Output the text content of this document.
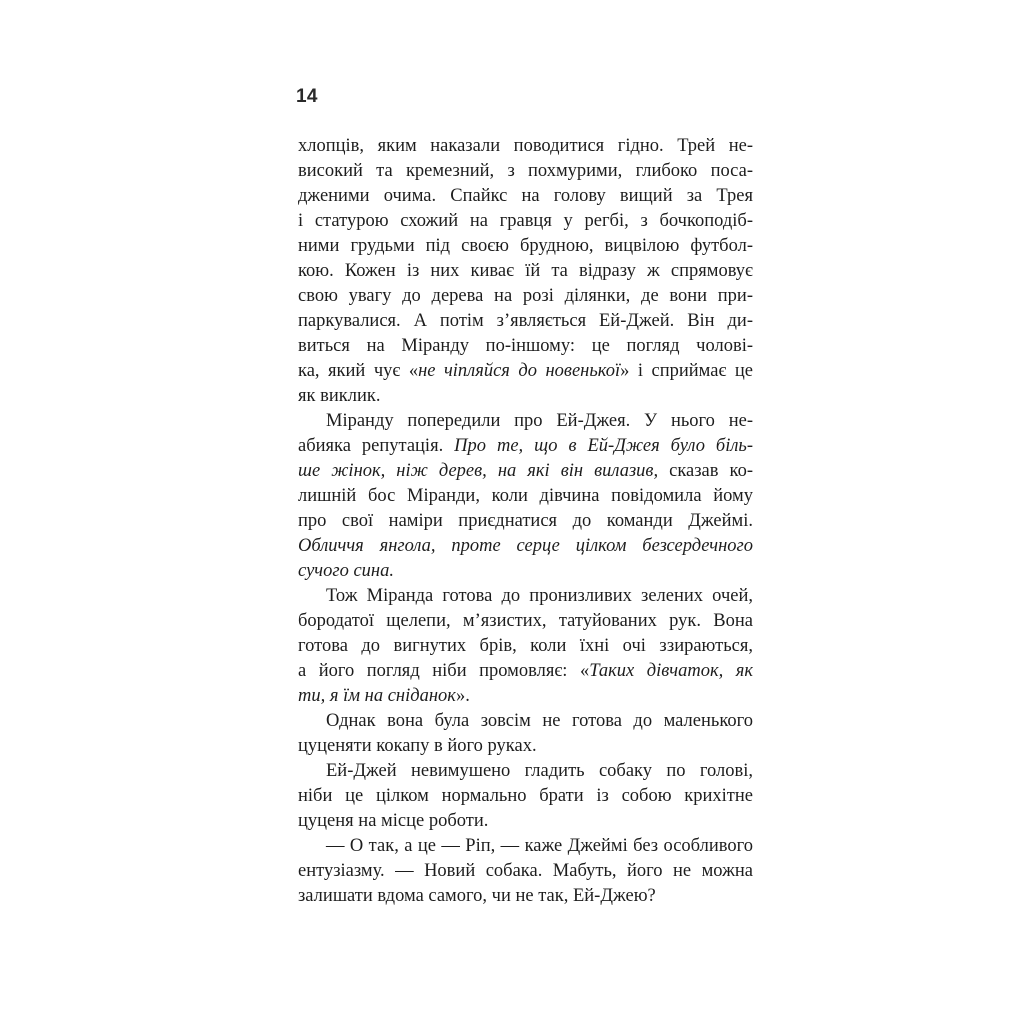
14
хлопців, яким наказали поводитися гідно. Трей не-
високий та кремезний, з похмурими, глибоко поса-
дженими очима. Спайкс на голову вищий за Трея
і статурою схожий на гравця у регбі, з бочкоподіб-
ними грудьми під своєю брудною, вицвілою футбол-
кою. Кожен із них киває їй та відразу ж спрямовує
свою увагу до дерева на розі ділянки, де вони при-
паркувалися. А потім з’являється Ей-Джей. Він ди-
виться на Міранду по-іншому: це погляд чолові-
ка, який чує «не чіпляйся до новенької» і сприймає це
як виклик.
Міранду попередили про Ей-Джея. У нього не-
абияка репутація. Про те, що в Ей-Джея було біль-
ше жінок, ніж дерев, на які він вилазив, сказав ко-
лишній бос Міранди, коли дівчина повідомила йому
про свої наміри приєднатися до команди Джеймі.
Обличчя янгола, проте серце цілком безсердечного
сучого сина.
Тож Міранда готова до пронизливих зелених очей,
бородатої щелепи, м’язистих, татуйованих рук. Вона
готова до вигнутих брів, коли їхні очі ззираються,
а його погляд ніби промовляє: «Таких дівчаток, як
ти, я їм на сніданок».
Однак вона була зовсім не готова до маленького
цуценяти кокапу в його руках.
Ей-Джей невимушено гладить собаку по голові,
ніби це цілком нормально брати із собою крихітне
цуценя на місце роботи.
— О так, а це — Ріп, — каже Джеймі без особливого
ентузіазму. — Новий собака. Мабуть, його не можна
залишати вдома самого, чи не так, Ей-Джею?
